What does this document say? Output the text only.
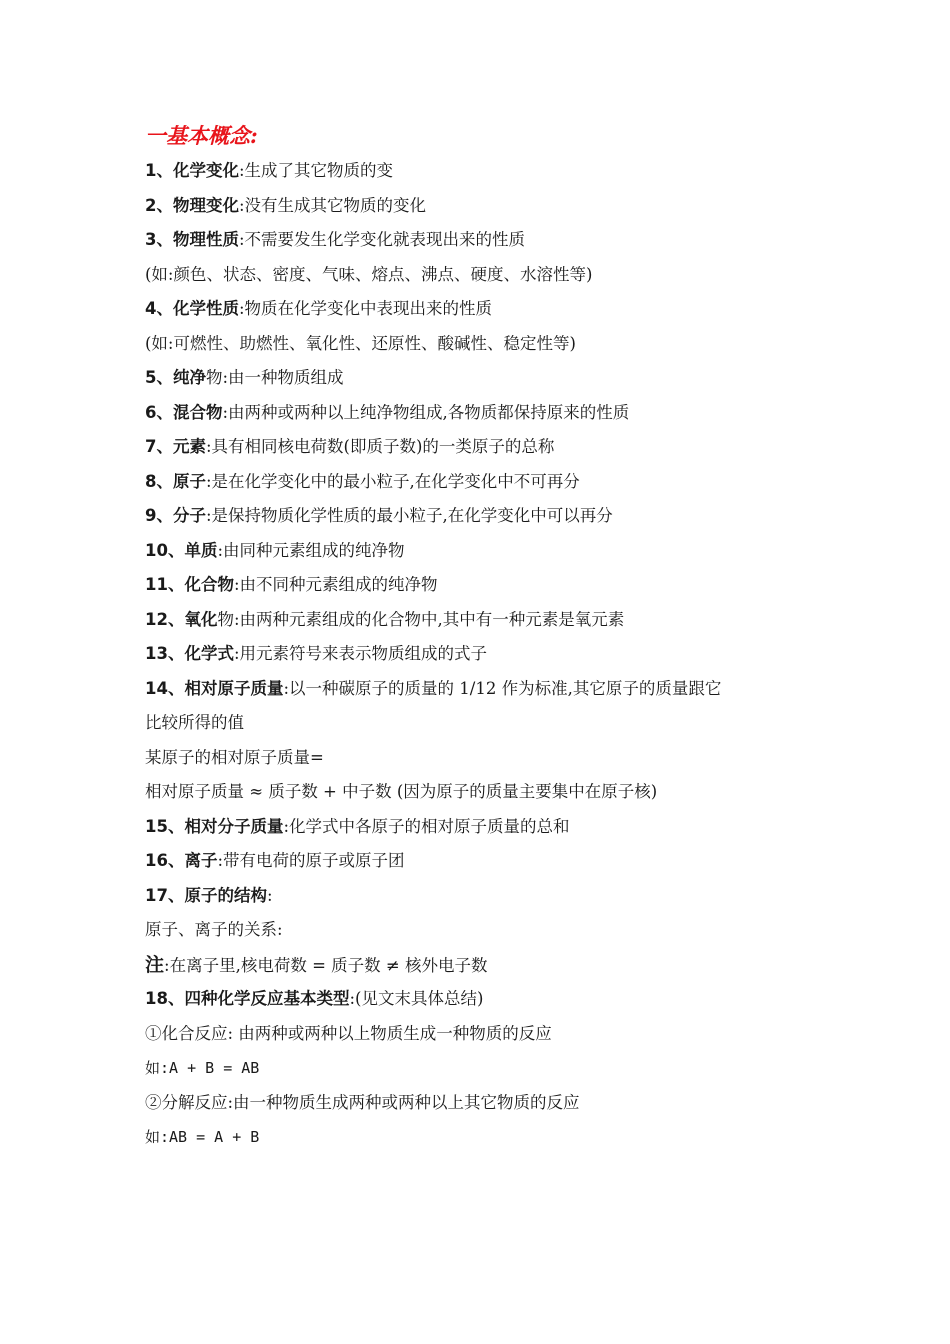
一基本概念:

1、化学变化:生成了其它物质的变

2、物理变化:没有生成其它物质的变化

3、物理性质:不需要发生化学变化就表现出来的性质

(如:颜色、状态、密度、气味、熔点、沸点、硬度、水溶性等)

4、化学性质:物质在化学变化中表现出来的性质

(如:可燃性、助燃性、氧化性、还原性、酸碱性、稳定性等)

5、纯净物:由一种物质组成

6、混合物:由两种或两种以上纯净物组成,各物质都保持原来的性质

7、元素:具有相同核电荷数(即质子数)的一类原子的总称

8、原子:是在化学变化中的最小粒子,在化学变化中不可再分

9、分子:是保持物质化学性质的最小粒子,在化学变化中可以再分

10、单质:由同种元素组成的纯净物

11、化合物:由不同种元素组成的纯净物

12、氧化物:由两种元素组成的化合物中,其中有一种元素是氧元素

13、化学式:用元素符号来表示物质组成的式子

14、相对原子质量:以一种碳原子的质量的 1/12 作为标准,其它原子的质量跟它

比较所得的值

某原子的相对原子质量=

相对原子质量 ≈ 质子数 + 中子数 (因为原子的质量主要集中在原子核)

15、相对分子质量:化学式中各原子的相对原子质量的总和

16、离子:带有电荷的原子或原子团

17、原子的结构:

原子、离子的关系:

注:在离子里,核电荷数 = 质子数 ≠ 核外电子数

18、四种化学反应基本类型:(见文末具体总结)

①化合反应: 由两种或两种以上物质生成一种物质的反应

如:A + B = AB

②分解反应:由一种物质生成两种或两种以上其它物质的反应

如:AB = A + B
